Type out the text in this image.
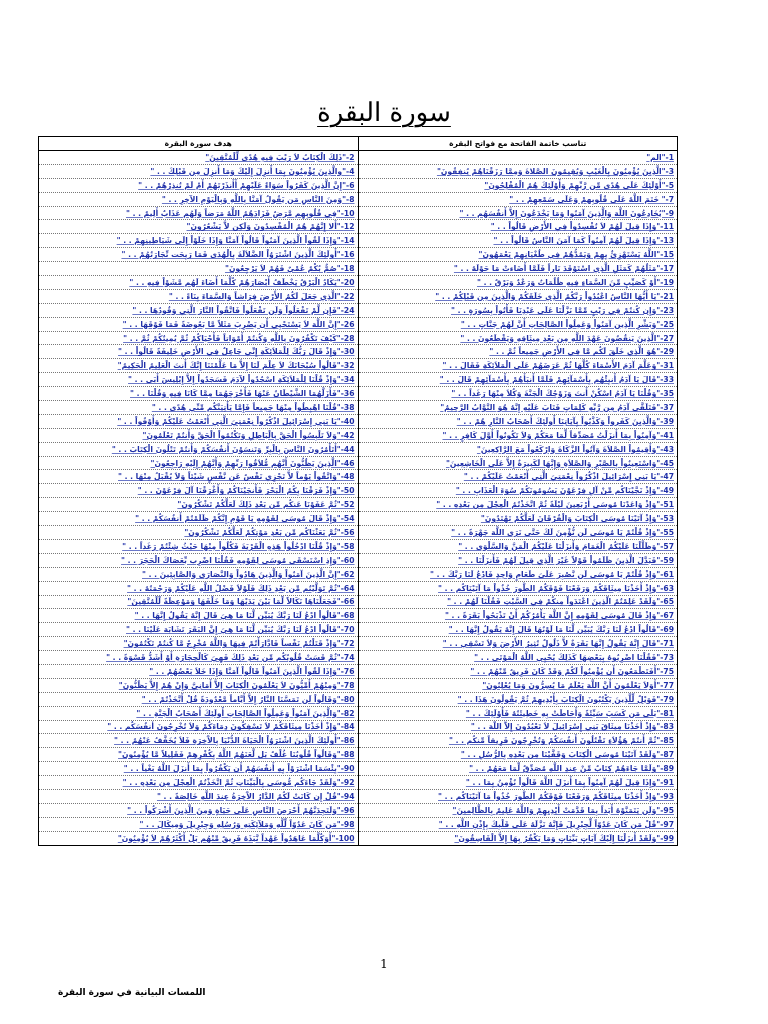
سورة البقرة
تناسب خاتمة الفاتحة مع فواتح البقرة	هدف سورة البقرة
1-"الم"	2-"ذَلِكَ الْكِتَابُ لاَ رَيْبَ فِيهِ هُدًى لِّلْمُتَّقِينَ"
3-"الَّذِينَ يُؤْمِنُونَ بِالْغَيْبِ وَيُقِيمُونَ الصَّلاةَ وَمِمَّا رَزَقْنَاهُمْ يُنفِقُونَ"	4-"والَّذِينَ يُؤْمِنُونَ بِمَا أُنزِلَ إِلَيْكَ وَمَا أُنزِلَ مِن قَبْلِكَ . . "
5-"أُوْلَئِكَ عَلَى هُدًى مِّن رَّبِّهِمْ وَأُوْلَئِكَ هُمُ الْمُفْلِحُونَ"	6-"إِنَّ الَّذِينَ كَفَرُواْ سَوَاءٌ عَلَيْهِمْ أَأَنذَرْتَهُمْ أَمْ لَمْ تُنذِرْهُمْ . . "
7-" خَتَمَ اللَّهُ عَلَى قُلُوبِهمْ وَعَلَى سَمْعِهِمْ . . "	8-"وَمِنَ النَّاسِ مَن يَقُولُ آمَنَّا بِاللَّهِ وَبِالْيَوْمِ الآخِرِ . . "
9-"يُخَادِعُونَ اللَّهَ وَالَّذِينَ آمَنُوا وَمَا يَخْدَعُونَ إِلاَّ أَنفُسَهُم . . "	10-"فِي قُلُوبِهِم مَّرَضٌ فَزَادَهُمُ اللَّهُ مَرَضاً وَلَهُم عَذَابٌ أَلِيمٌ . . "
11-"وَإِذَا قِيلَ لَهُمْ لاَ تُفْسِدُواْ فِي الأَرْضِ قَالُواْ . . "	12-"أَلا إِنَّهُمْ هُمُ الْمُفْسِدُونَ وَلَكِن لاَّ يَشْعُرُونَ"
13-"وَإِذَا قِيلَ لَهُمْ آمِنُواْ كَمَا آمَنَ النَّاسُ قَالُواْ . . "	14-"وَإِذَا لَقُواْ الَّذِينَ آمَنُواْ قَالُواْ آمَنَّا وَإِذَا خَلَوْاْ إِلَى شَيَاطِينِهِمْ . . "
15-"اللَّهُ يَسْتَهْزِئُ بِهِمْ وَيَمُدُّهُمْ فِي طُغْيَانِهِمْ يَعْمَهُونَ"	16-"أُولَئِكَ الَّذِينَ اشْتَرَوُاْ الضَّلاَلَةَ بِالْهُدَى فَمَا رَبِحَت تِّجَارَتُهُمْ . . "
17-"مَثَلُهُمْ كَمَثَلِ الَّذِي اسْتَوْقَدَ نَاراً فَلَمَّا أَضَاءتْ مَا حَوْلَهُ . . "	18-"صُمٌّ بُكْمٌ عُمْيٌ فَهُمْ لاَ يَرْجِعُونَ"
19-"أَوْ كَصَيِّبٍ مِّنَ السَّمَاءِ فِيهِ ظُلُمَاتٌ وَرَعْدٌ وَبَرْقٌ . . "	20-"يَكَادُ الْبَرْقُ يَخْطَفُ أَبْصَارَهُمْ كُلَّمَا أَضَاءَ لَهُم مَّشَوْاْ فِيهِ . . "
21-"يَا أَيُّهَا النَّاسُ اعْبُدُواْ رَبَّكُمُ الَّذِي خَلَقَكُمْ وَالَّذِينَ مِن قَبْلِكُمْ . . "	22-"الَّذِي جَعَلَ لَكُمُ الأَرْضَ فِرَاشاً وَالسَّمَاءَ بِنَاءً . . "
23-"وَإِن كُنتُمْ فِي رَيْبٍ مِّمَّا نَزَّلْنَا عَلَى عَبْدِنَا فَأْتُواْ بِسُورَةٍ . . "	24-"فَإِن لَّمْ تَفْعَلُواْ وَلَن تَفْعَلُواْ فَاتَّقُواْ النَّارَ الَّتِي وَقُودُهَا . . "
25-"وَبَشِّرِ الَّذِين آمَنُواْ وَعَمِلُواْ الصَّالِحَاتِ أَنَّ لَهُمْ جَنَّاتٍ . . "	26-"إِنَّ اللَّهَ لاَ يَسْتَحْيِي أَن يَضْرِبَ مَثَلاً مَّا بَعُوضَةً فَمَا فَوْقَهَا . . "
27-"الَّذِينَ يَنقُضُونَ عَهْدَ اللَّهِ مِن بَعْدِ مِيثَاقِهِ وَيَقْطَعُونَ . . "	28-"كَيْفَ تَكْفُرُونَ بِاللَّهِ وَكُنتُمْ أَمْوَاتاً فَأَحْيَاكُمْ ثُمَّ يُمِيتُكُمْ ثُمَّ . . "
29-"هُوَ الَّذِي خَلَقَ لَكُم مَّا فِي الأَرْضِ جَمِيعاً ثُمَّ . . "	30-"وَإِذْ قَالَ رَبُّكَ لِلْمَلاَئِكَةِ إِنِّي جَاعِلٌ فِي الأَرْضِ خَلِيفَةً قَالُواْ . . "
31-"وَعَلَّمَ آدَمَ الأَسْمَاءَ كُلَّهَا ثُمَّ عَرَضَهُمْ عَلَى الْمَلاَئِكَةِ فَقَالَ . . "	32-"قَالُواْ سُبْحَانَكَ لاَ عِلْمَ لَنَا إِلاَّ مَا عَلَّمْتَنَا إِنَّكَ أَنتَ الْعَلِيمُ الْحَكِيمُ"
33-"قَالَ يَا آدَمُ أَنبِئْهُم بِأَسْمَآئِهِمْ فَلَمَّا أَنبَأَهُمْ بِأَسْمَآئِهِمْ قَالَ . . "	34-"وَإِذْ قُلْنَا لِلْمَلاَئِكَةِ اسْجُدُواْ لآدَمَ فَسَجَدُواْ إِلاَّ إِبْلِيسَ أَبَى . . "
35-"وَقُلْنَا يَا آدَمُ اسْكُنْ أَنتَ وَزَوْجُكَ الْجَنَّةَ وَكُلاَ مِنْهَا رَغَداً . . "	36-"فَأَزَلَّهُمَا الشَّيْطَانُ عَنْهَا فَأَخْرَجَهُمَا مِمَّا كَانَا فِيهِ وَقُلْنَا . . "
37-"فَتَلَقَّى آدَمُ مِن رَّبِّهِ كَلِمَاتٍ فَتَابَ عَلَيْهِ إِنَّهُ هُوَ التَّوَّابُ الرَّحِيمُ"	38-"قُلْنَا اهْبِطُواْ مِنْهَا جَمِيعاً فَإِمَّا يَأْتِيَنَّكُم مِّنِّي هُدًى . . "
39-"وَالَّذِينَ كَفَرواْ وَكَذَّبُواْ بِآيَاتِنَا أُولَئِكَ أَصْحَابُ النَّارِ هُمْ . . "	40-"يَا بَنِي إِسْرَائِيلَ اذْكُرُواْ نِعْمَتِيَ الَّتِي أَنْعَمْتُ عَلَيْكُمْ وَأَوْفُواْ . . "
41-"وَآمِنُواْ بِمَا أَنزَلْتُ مُصَدِّقاً لِّمَا مَعَكُمْ وَلاَ تَكُونُواْ أَوَّلَ كَافِرٍ . . "	42-"وَلاَ تَلْبِسُواْ الْحَقَّ بِالْبَاطِلِ وَتَكْتُمُواْ الْحَقَّ وَأَنتُمْ تَعْلَمُونَ"
43-"وَأَقِيمُواْ الصَّلاَةَ وَآتُواْ الزَّكَاةَ وَارْكَعُواْ مَعَ الرَّاكِعِينَ"	44-"أَتَأْمُرُونَ النَّاسَ بِالْبِرِّ وَتَنسَوْنَ أَنفُسَكُمْ وَأَنتُمْ تَتْلُونَ الْكِتَابَ . . "
45-"وَاسْتَعِينُواْ بِالصَّبْرِ وَالصَّلاَةِ وَإِنَّهَا لَكَبِيرَةٌ إِلاَّ عَلَى الْخَاشِعِينَ"	46-"الَّذِينَ يَظُنُّونَ أَنَّهُم مُّلاَقُوا رَبِّهِمْ وَأَنَّهُمْ إِلَيْهِ رَاجِعُونَ"
47-"يَا بَنِي إِسْرَائِيلَ اذْكُرُواْ نِعْمَتِيَ الَّتِي أَنْعَمْتُ عَلَيْكُمْ . . "	48-"وَاتَّقُواْ يَوْماً لاَّ تَجْزِي نَفْسٌ عَن نَّفْسٍ شَيْئاً وَلاَ يُقْبَلُ مِنْهَا . . "
49-"وَإِذْ نَجَّيْنَاكُم مِّنْ آلِ فِرْعَوْنَ يَسُومُونَكُمْ سُوَءَ الْعَذَابِ . . "	50-"وَإِذْ فَرَقْنَا بِكُمُ الْبَحْرَ فَأَنجَيْنَاكُمْ وَأَغْرَقْنَا آلَ فِرْعَوْنَ . . "
51-"وَإِذْ وَاعَدْنَا مُوسَى أَرْبَعِينَ لَيْلَةً ثُمَّ اتَّخَذْتُمُ الْعِجْلَ مِن بَعْدِهِ . . "	52-"ثُمَّ عَفَوْنَا عَنكُم مِّن بَعْدِ ذَلِكَ لَعَلَّكُمْ تَشْكُرُونَ"
53-"وَإِذْ آتَيْنَا مُوسَى الْكِتَابَ وَالْفُرْقَانَ لَعَلَّكُمْ تَهْتَدُونَ"	54-"وَإِذْ قَالَ مُوسَى لِقَوْمِهِ يَا قَوْمِ إِنَّكُمْ ظَلَمْتُمْ أَنفُسَكُمْ . . "
55-"وَإِذْ قُلْتُمْ يَا مُوسَى لَن نُّؤْمِنَ لَكَ حَتَّى نَرَى اللَّهَ جَهْرَةً . . "	56-"ثُمَّ بَعَثْنَاكُم مِّن بَعْدِ مَوْتِكُمْ لَعَلَّكُمْ تَشْكُرُونَ"
57-"وَظَلَّلْنَا عَلَيْكُمُ الْغَمَامَ وَأَنزَلْنَا عَلَيْكُمُ الْمَنَّ وَالسَّلْوَى . . "	58-"وَإِذْ قُلْنَا ادْخُلُواْ هَذِهِ الْقَرْيَةَ فَكُلُواْ مِنْهَا حَيْثُ شِئْتُمْ رَغَداً . . "
59-"فَبَدَّلَ الَّذِينَ ظَلَمُواْ قَوْلاً غَيْرَ الَّذِي قِيلَ لَهُمْ فَأَنزَلْنَا . . "	60-"وَإِذِ اسْتَسْقَى مُوسَى لِقَوْمِهِ فَقُلْنَا اضْرِب بِّعَصَاكَ الْحَجَرَ . . "
61-"وَإِذْ قُلْتُمْ يَا مُوسَى لَن نَّصْبِرَ عَلَىَ طَعَامٍ وَاحِدٍ فَادْعُ لَنَا رَبَّكَ . . "	62-"إِنَّ الَّذِينَ آمَنُواْ وَالَّذِينَ هَادُواْ وَالنَّصَارَى وَالصَّابِئِينَ . . "
63-"وَإِذْ أَخَذْنَا مِيثَاقَكُمْ وَرَفَعْنَا فَوْقَكُمُ الطُّورَ خُذُواْ مَا آتَيْنَاكُم . . "	64-"ثُمَّ تَوَلَّيْتُم مِّن بَعْدِ ذَلِكَ فَلَوْلاَ فَضْلُ اللَّهِ عَلَيْكُمْ وَرَحْمَتُهُ . . "
65-"وَلَقَدْ عَلِمْتُمُ الَّذِينَ اعْتَدَواْ مِنكُمْ فِي السَّبْتِ فَقُلْنَا لَهُمْ . . "	66-"فَجَعَلْنَاهَا نَكَالاً لِّمَا بَيْنَ يَدَيْهَا وَمَا خَلْفَهَا وَمَوْعِظَةً لِّلْمُتَّقِينَ"
67-"وَإِذْ قَالَ مُوسَى لِقَوْمِهِ إِنَّ اللَّهَ يَأْمُرُكُمْ أَنْ تَذْبَحُواْ بَقَرَةً . . "	68-"قَالُواْ ادْعُ لَنَا رَبَّكَ يُبَيِّن لَّنَا مَا هِيَ قَالَ إِنَّهُ يَقُولُ إِنَّهَا . . "
69-"قَالُواْ ادْعُ لَنَا رَبَّكَ يُبَيِّن لَّنَا مَا لَوْنُهَا قَالَ إِنَّهُ يَقُولُ إِنَّهَا . . "	70-"قَالُواْ ادْعُ لَنَا رَبَّكَ يُبَيِّن لَّنَا مَا هِيَ إِنَّ البَقَرَ تَشَابَهَ عَلَيْنَا . . "
71-"قَالَ إِنَّهُ يَقُولُ إِنَّهَا بَقَرَةٌ لاَّ ذَلُولٌ تُثِيرُ الأَرْضَ وَلاَ تَسْقِي . . "	72-"وَإِذْ قَتَلْتُمْ نَفْساً فَادَّارَأْتُمْ فِيهَا وَاللَّهُ مُخْرِجٌ مَّا كُنتُمْ تَكْتُمُونَ"
73-"فَقُلْنَا اضْرِبُوهُ بِبَعْضِهَا كَذَلِكَ يُحْيِي اللَّهُ الْمَوْتَى . . "	74-"ثُمَّ قَسَتْ قُلُوبُكُم مِّن بَعْدِ ذَلِكَ فَهِيَ كَالْحِجَارَةِ أَوْ أَشَدُّ قَسْوَةً . . "
75-"أَفَتَطْمَعُونَ أَن يُؤْمِنُواْ لَكُمْ وَقَدْ كَانَ فَرِيقٌ مِّنْهُمْ . . "	76-"وَإِذَا لَقُواْ الَّذِينَ آمَنُواْ قَالُواْ آمَنَّا وَإِذَا خَلاَ بَعْضُهُمْ . . "
77-"أَوَلاَ يَعْلَمُونَ أَنَّ اللَّهَ يَعْلَمُ مَا يُسِرُّونَ وَمَا يُعْلِنُونَ"	78-"وَمِنْهُمْ أُمِّيُّونَ لاَ يَعْلَمُونَ الْكِتَابَ إِلاَّ أَمَانِيَّ وَإِنْ هُمْ إِلاَّ يَظُنُّونَ"
79-"فَوَيْلٌ لِّلَّذِينَ يَكْتُبُونَ الْكِتَابَ بِأَيْدِيهِمْ ثُمَّ يَقُولُونَ هَذَا . . "	80-"وَقَالُواْ لَن تَمَسَّنَا النَّارُ إِلاَّ أَيَّاماً مَّعْدُودَةً قُلْ أَتَّخَذْتُمْ . . "
81-"بَلَى مَن كَسَبَ سَيِّئَةً وَأَحَاطَتْ بِهِ خَطِيئَتُهُ فَأُوْلَئِكَ . . "	82-"وَالَّذِينَ آمَنُواْ وَعَمِلُواْ الصَّالِحَاتِ أُولَئِكَ أَصْحَابُ الْجَنَّةِ . . "
83-"وَإِذْ أَخَذْنَا مِيثَاقَ بَنِي إِسْرَائِيلَ لاَ تَعْبُدُونَ إِلاَّ اللَّهَ . . "	84-"وَإِذْ أَخَذْنَا مِيثَاقَكُمْ لاَ تَسْفِكُونَ دِمَاءَكُمْ وَلاَ تُخْرِجُونَ أَنفُسَكُم . . "
85-"ثُمَّ أَنتُمْ هَؤُلاَءِ تَقْتُلُونَ أَنفُسَكُمْ وَتُخْرِجُونَ فَرِيقاً مِّنكُم . . "	86-"أُولَئِكَ الَّذِينَ اشْتَرَوُاْ الْحَيَاةَ الدُّنْيَا بِالآَخِرَةِ فَلاَ يُخَفَّفُ عَنْهُمُ . . "
87-"وَلَقَدْ آتَيْنَا مُوسَى الْكِتَابَ وَقَفَّيْنَا مِن بَعْدِهِ بِالرُّسُلِ . . "	88-"وَقَالُواْ قُلُوبُنَا غُلْفٌ بَل لَّعَنَهُمُ اللَّهُ بِكُفْرِهِمْ فَقَلِيلاً مَّا يُؤْمِنُونَ"
89-"وَلَمَّا جَاءَهُمْ كِتَابٌ مِّنْ عِندِ اللَّهِ مُصَدِّقٌ لِّمَا مَعَهُمْ . . "	90-"بِئْسَمَا اشْتَرَوْاْ بِهِ أَنفُسَهُمْ أَن يَكْفُرُواْ بِمَا أَنزَلَ اللَّهُ بَغْياً . . "
91-"وَإِذَا قِيلَ لَهُمْ آمِنُواْ بِمَا أَنزَلَ اللَّهُ قَالُواْ نُؤْمِنُ بِمَا . . "	92-"وَلَقَدْ جَاءَكُم مُّوسَى بِالْبَيِّنَاتِ ثُمَّ اتَّخَذْتُمُ الْعِجْلَ مِن بَعْدِهِ . . "
93-"وَإِذْ أَخَذْنَا مِيثَاقَكُمْ وَرَفَعْنَا فَوْقَكُمُ الطُّورَ خُذُواْ مَا آتَيْنَاكُم . . "	94-"قُلْ إِن كَانَتْ لَكُمُ الدَّارُ الآَخِرَةُ عِندَ اللَّهِ خَالِصَةً . . "
95-"وَلَن يَتَمَنَّوْهُ أَبَداً بِمَا قَدَّمَتْ أَيْدِيهِمْ وَاللَّهُ عَلِيمٌ بِالظَّالِمينَ"	96-"وَلَتَجِدَنَّهُمْ أَحْرَصَ النَّاسِ عَلَى حَيَاةٍ وَمِنَ الَّذِينَ أَشْرَكُواْ . . "
97-"قُلْ مَن كَانَ عَدُوّاً لِّجِبْرِيلَ فَإِنَّهُ نَزَّلَهُ عَلَى قَلْبِكَ بِإِذْنِ اللَّهِ . . "	98-"مَن كَانَ عَدُوّاً لِّلَّهِ وَمَلآئِكَتِهِ وَرُسُلِهِ وَجِبْرِيلَ وَمِيكَالَ . . "
99-"وَلَقَدْ أَنزَلْنَا إِلَيْكَ آيَاتٍ بَيِّنَاتٍ وَمَا يَكْفُرُ بِهَا إِلاَّ الْفَاسِقُونَ"	100-"أَوَكُلَّمَا عَاهَدُواْ عَهْداً نَّبَذَهُ فَرِيقٌ مِّنْهُم بَلْ أَكْثَرُهُمْ لاَ يُؤْمِنُونَ"
1
اللمسات البيانية في سورة البقرة
